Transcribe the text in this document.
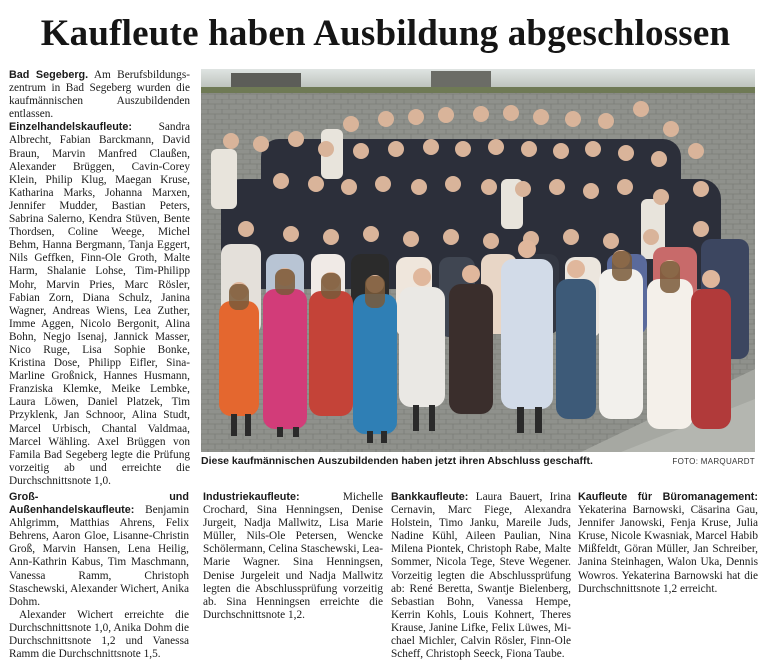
Kaufleute haben Ausbildung abgeschlossen

Bad Segeberg. Am Berufsbildungszentrum in Bad Segeberg wurden die kaufmännischen Auszubildenden entlassen.

Einzelhandelskaufleute: Sandra Albrecht, Fabian Barckmann, David Braun, Marvin Manfred Claußen, Alexander Brüggen, Cavin-Corey Klein, Philip Klug, Maegan Kruse, Katharina Marks, Johanna Marxen, Jennifer Mudder, Bastian Peters, Sabrina Salerno, Kendra Stüven, Bente Thordsen, Coline Weege, Michel Behm, Hanna Bergmann, Tanja Eggert, Nils Geffken, Finn-Ole Groth, Malte Harm, Shalanie Lohse, Tim-Philipp Mohr, Marvin Pries, Marc Rösler, Fabian Zorn, Diana Schulz, Janina Wagner, Andreas Wiens, Lea Zuther, Imme Aggen, Nicolo Bergonit, Alina Bohn, Negjo Isenaj, Jannick Masser, Nico Ruge, Lisa Sophie Bonke, Kristina Dose, Philipp Eifler, Sina-Marline Großnick, Hannes Husmann, Franziska Klemke, Meike Lembke, Laura Löwen, Daniel Platzek, Tim Przyklenk, Jan Schnoor, Alina Studt, Marcel Urbisch, Chantal Valdmaa, Marcel Wähling. Axel Brüggen von Famila Bad Segeberg legte die Prüfung vorzeitig ab und erreichte die Durchschnittsnote 1,0.

Diese kaufmännischen Auszubildenden haben jetzt ihren Abschluss geschafft.	FOTO: MARQUARDT

Groß- und Außenhandelskaufleute: Benjamin Ahlgrimm, Matthias Ahrens, Felix Behrens, Aaron Gloe, Lisanne-Christin Groß, Marvin Hansen, Lena Heilig, Ann-Kathrin Kabus, Tim Maschmann, Vanessa Ramm, Christoph Staschewski, Alexander Wichert, Anika Dohm.

Alexander Wichert erreichte die Durchschnittsnote 1,0, Anika Dohm die Durchschnittsnote 1,2 und Vanessa Ramm die Durchschnittsnote 1,5.

Industriekaufleute: Michelle Crochard, Sina Henningsen, Denise Jurgeit, Nadja Mallwitz, Lisa Marie Müller, Nils-Ole Petersen, Wencke Schölermann, Celina Staschewski, Lea-Marie Wagner. Sina Henningsen, Denise Jurgeleit und Nadja Mallwitz legten die Abschlussprüfung vorzeitig ab. Sina Henningsen erreichte die Durchschnittsnote 1,2.

Bankkaufleute: Laura Bauert, Irina Cernavin, Marc Fiege, Alexandra Holstein, Timo Janku, Mareile Juds, Nadine Kühl, Aileen Paulian, Nina Milena Piontek, Christoph Rabe, Malte Sommer, Nicola Tege, Steve Wegener. Vorzeitig legten die Abschlussprüfung ab: René Beretta, Swantje Bielenberg, Sebastian Bohn, Vanessa Hempe, Kerrin Kohls, Louis Kohnert, Theres Krause, Janine Lifke, Felix Lüwes, Michael Michler, Calvin Rösler, Finn-Ole Scheff, Christoph Seeck, Fiona Taube.

Kaufleute für Büromanagement: Yekaterina Barnowski, Cäsarina Gau, Jennifer Janowski, Fenja Kruse, Julia Kruse, Nicole Kwasniak, Marcel Habib Mißfeldt, Göran Müller, Jan Schreiber, Janina Steinhagen, Walon Uka, Dennis Wowros. Yekaterina Barnowski hat die Durchschnittsnote 1,2 erreicht.
